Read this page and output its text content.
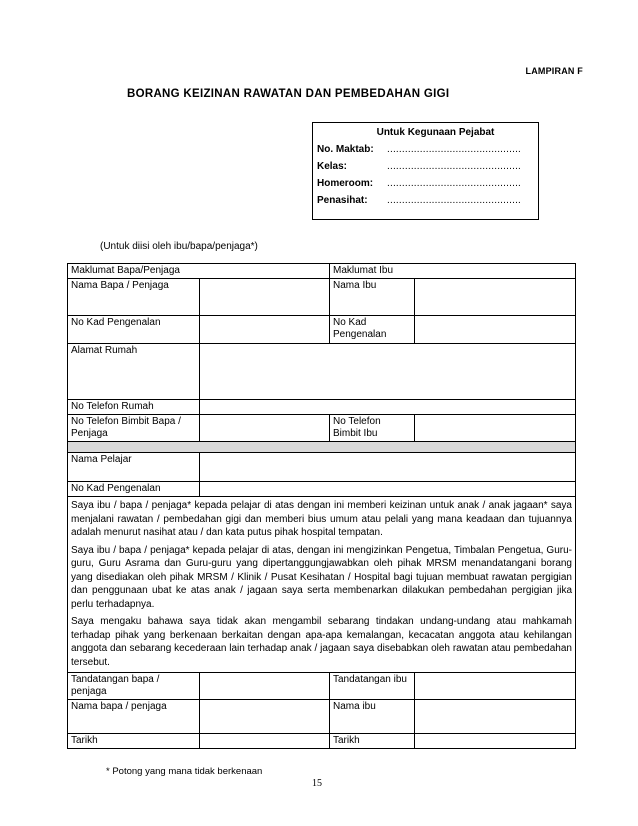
LAMPIRAN F
BORANG KEIZINAN RAWATAN DAN PEMBEDAHAN GIGI
Untuk Kegunaan Pejabat
No. Maktab:	.............................................
Kelas:	.............................................
Homeroom:	.............................................
Penasihat:	.............................................
(Untuk diisi oleh ibu/bapa/penjaga*)
Maklumat Bapa/Penjaga		Maklumat Ibu	
Nama Bapa / Penjaga		Nama Ibu	
No Kad Pengenalan		No Kad Pengenalan	
Alamat Rumah			
No Telefon Rumah			
No Telefon Bimbit Bapa / Penjaga		No Telefon Bimbit Ibu	

Nama Pelajar			
No Kad Pengenalan			

Saya ibu / bapa / penjaga* kepada pelajar di atas dengan ini memberi keizinan untuk anak / anak jagaan* saya menjalani rawatan / pembedahan gigi dan memberi bius umum atau pelali yang mana keadaan dan tujuannya adalah menurut nasihat atau / dan kata putus pihak hospital tempatan.

Saya ibu / bapa / penjaga* kepada pelajar di atas, dengan ini mengizinkan Pengetua, Timbalan Pengetua, Guru-guru, Guru Asrama dan Guru-guru yang dipertanggungjawabkan oleh pihak MRSM menandatangani borang yang disediakan oleh pihak MRSM / Klinik / Pusat Kesihatan / Hospital bagi tujuan membuat rawatan pergigian dan penggunaan ubat ke atas anak / jagaan saya serta membenarkan dilakukan pembedahan pergigian jika perlu terhadapnya.

Saya mengaku bahawa saya tidak akan mengambil sebarang tindakan undang-undang atau mahkamah terhadap pihak yang berkenaan berkaitan dengan apa-apa kemalangan, kecacatan anggota atau kehilangan anggota dan sebarang kecederaan lain terhadap anak / jagaan saya disebabkan oleh rawatan atau pembedahan tersebut.			

Tandatangan bapa / penjaga		Tandatangan ibu	
Nama bapa / penjaga		Nama ibu	
Tarikh		Tarikh	
* Potong yang mana tidak berkenaan
15
